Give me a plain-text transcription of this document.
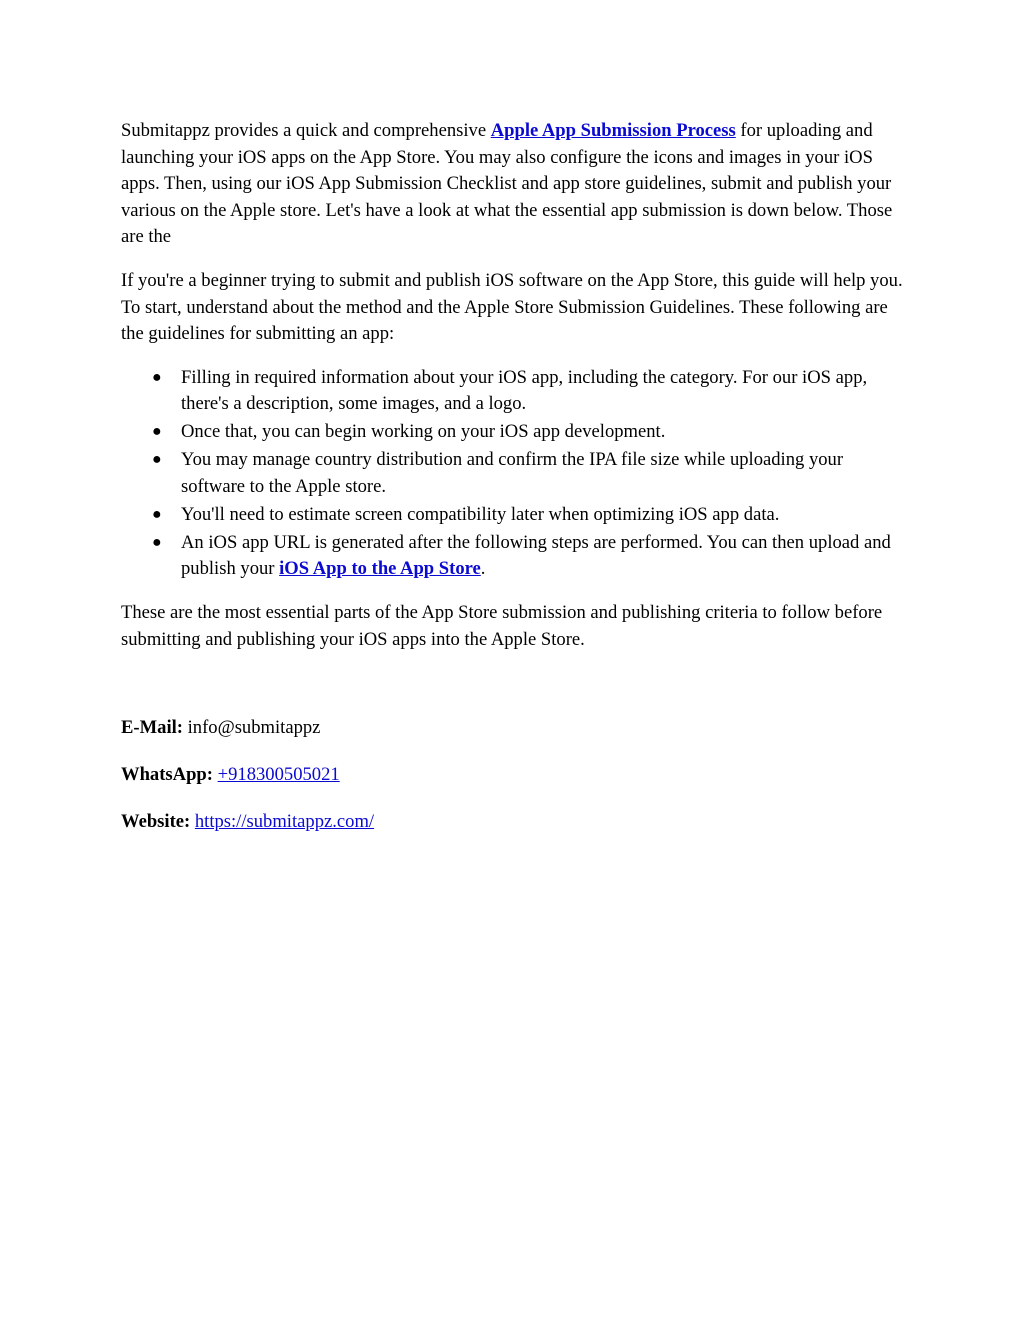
Submitappz provides a quick and comprehensive Apple App Submission Process for uploading and launching your iOS apps on the App Store. You may also configure the icons and images in your iOS apps. Then, using our iOS App Submission Checklist and app store guidelines, submit and publish your various on the Apple store. Let's have a look at what the essential app submission is down below. Those are the

If you're a beginner trying to submit and publish iOS software on the App Store, this guide will help you. To start, understand about the method and the Apple Store Submission Guidelines. These following are the guidelines for submitting an app:

● Filling in required information about your iOS app, including the category. For our iOS app, there's a description, some images, and a logo.
● Once that, you can begin working on your iOS app development.
● You may manage country distribution and confirm the IPA file size while uploading your software to the Apple store.
● You'll need to estimate screen compatibility later when optimizing iOS app data.
● An iOS app URL is generated after the following steps are performed. You can then upload and publish your iOS App to the App Store.

These are the most essential parts of the App Store submission and publishing criteria to follow before submitting and publishing your iOS apps into the Apple Store.

E-Mail: info@submitappz

WhatsApp: +918300505021

Website: https://submitappz.com/
